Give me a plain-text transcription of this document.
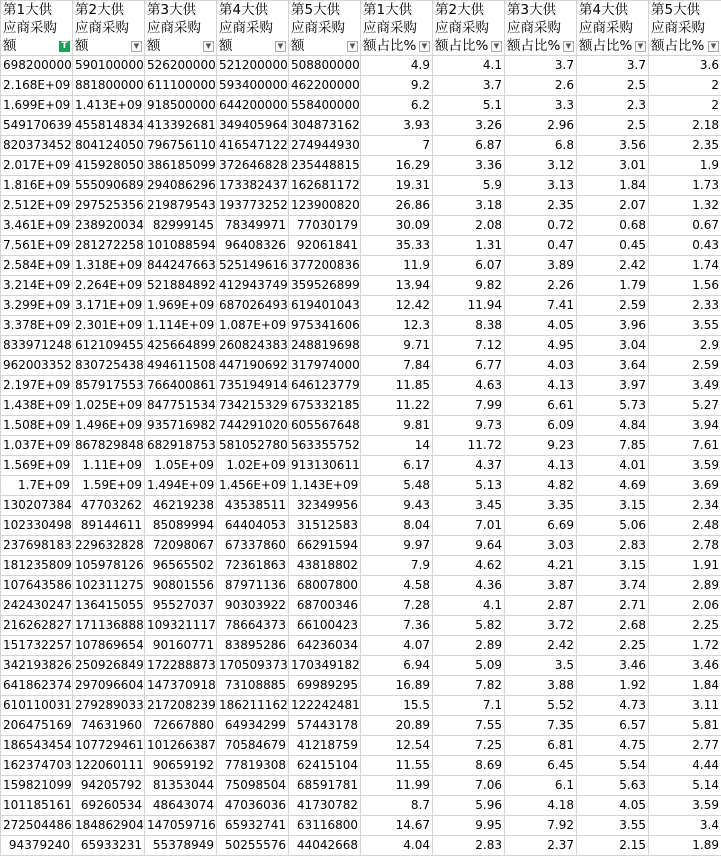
第1大供
应商采购
额 T	第2大供
应商采购
额 ▼	第3大供
应商采购
额 ▼	第4大供
应商采购
额 ▼	第5大供
应商采购
额 ▼	第1大供
应商采购
额占比% ▼	第2大供
应商采购
额占比% ▼	第3大供
应商采购
额占比% ▼	第4大供
应商采购
额占比% ▼	第5大供
应商采购
额占比% ▼

698200000	590100000	526200000	521200000	508800000	4.9	4.1	3.7	3.7	3.6
2.168E+09	881800000	611100000	593400000	462200000	9.2	3.7	2.6	2.5	2
1.699E+09	1.413E+09	918500000	644200000	558400000	6.2	5.1	3.3	2.3	2
549170639	455814834	413392681	349405964	304873162	3.93	3.26	2.96	2.5	2.18
820373452	804124050	796756110	416547122	274944930	7	6.87	6.8	3.56	2.35
2.017E+09	415928050	386185099	372646828	235448815	16.29	3.36	3.12	3.01	1.9
1.816E+09	555090689	294086296	173382437	162681172	19.31	5.9	3.13	1.84	1.73
2.512E+09	297525356	219879543	193773252	123900820	26.86	3.18	2.35	2.07	1.32
3.461E+09	238920034	82999145	78349971	77030179	30.09	2.08	0.72	0.68	0.67
7.561E+09	281272258	101088594	96408326	92061841	35.33	1.31	0.47	0.45	0.43
2.584E+09	1.318E+09	844247663	525149616	377200836	11.9	6.07	3.89	2.42	1.74
3.214E+09	2.264E+09	521884892	412943749	359526899	13.94	9.82	2.26	1.79	1.56
3.299E+09	3.171E+09	1.969E+09	687026493	619401043	12.42	11.94	7.41	2.59	2.33
3.378E+09	2.301E+09	1.114E+09	1.087E+09	975341606	12.3	8.38	4.05	3.96	3.55
833971248	612109455	425664899	260824383	248819698	9.71	7.12	4.95	3.04	2.9
962003352	830725438	494611508	447190692	317974000	7.84	6.77	4.03	3.64	2.59
2.197E+09	857917553	766400861	735194914	646123779	11.85	4.63	4.13	3.97	3.49
1.438E+09	1.025E+09	847751534	734215329	675332185	11.22	7.99	6.61	5.73	5.27
1.508E+09	1.496E+09	935716982	744291020	605567648	9.81	9.73	6.09	4.84	3.94
1.037E+09	867829848	682918753	581052780	563355752	14	11.72	9.23	7.85	7.61
1.569E+09	1.11E+09	1.05E+09	1.02E+09	913130611	6.17	4.37	4.13	4.01	3.59
1.7E+09	1.59E+09	1.494E+09	1.456E+09	1.143E+09	5.48	5.13	4.82	4.69	3.69
130207384	47703262	46219238	43538511	32349956	9.43	3.45	3.35	3.15	2.34
102330498	89144611	85089994	64404053	31512583	8.04	7.01	6.69	5.06	2.48
237698183	229632828	72098067	67337860	66291594	9.97	9.64	3.03	2.83	2.78
181235809	105978126	96565502	72361863	43818802	7.9	4.62	4.21	3.15	1.91
107643586	102311275	90801556	87971136	68007800	4.58	4.36	3.87	3.74	2.89
242430247	136415055	95527037	90303922	68700346	7.28	4.1	2.87	2.71	2.06
216262827	171136888	109321117	78664373	66100423	7.36	5.82	3.72	2.68	2.25
151732257	107869654	90160771	83895286	64236034	4.07	2.89	2.42	2.25	1.72
342193826	250926849	172288873	170509373	170349182	6.94	5.09	3.5	3.46	3.46
641862374	297096604	147370918	73108885	69989295	16.89	7.82	3.88	1.92	1.84
610110031	279289033	217208239	186211162	122242481	15.5	7.1	5.52	4.73	3.11
206475169	74631960	72667880	64934299	57443178	20.89	7.55	7.35	6.57	5.81
186543454	107729461	101266387	70584679	41218759	12.54	7.25	6.81	4.75	2.77
162374703	122060111	90659192	77819308	62415104	11.55	8.69	6.45	5.54	4.44
159821099	94205792	81353044	75098504	68591781	11.99	7.06	6.1	5.63	5.14
101185161	69260534	48643074	47036036	41730782	8.7	5.96	4.18	4.05	3.59
272504486	184862904	147059716	65932741	63116800	14.67	9.95	7.92	3.55	3.4
94379240	65933231	55378949	50255576	44042668	4.04	2.83	2.37	2.15	1.89
